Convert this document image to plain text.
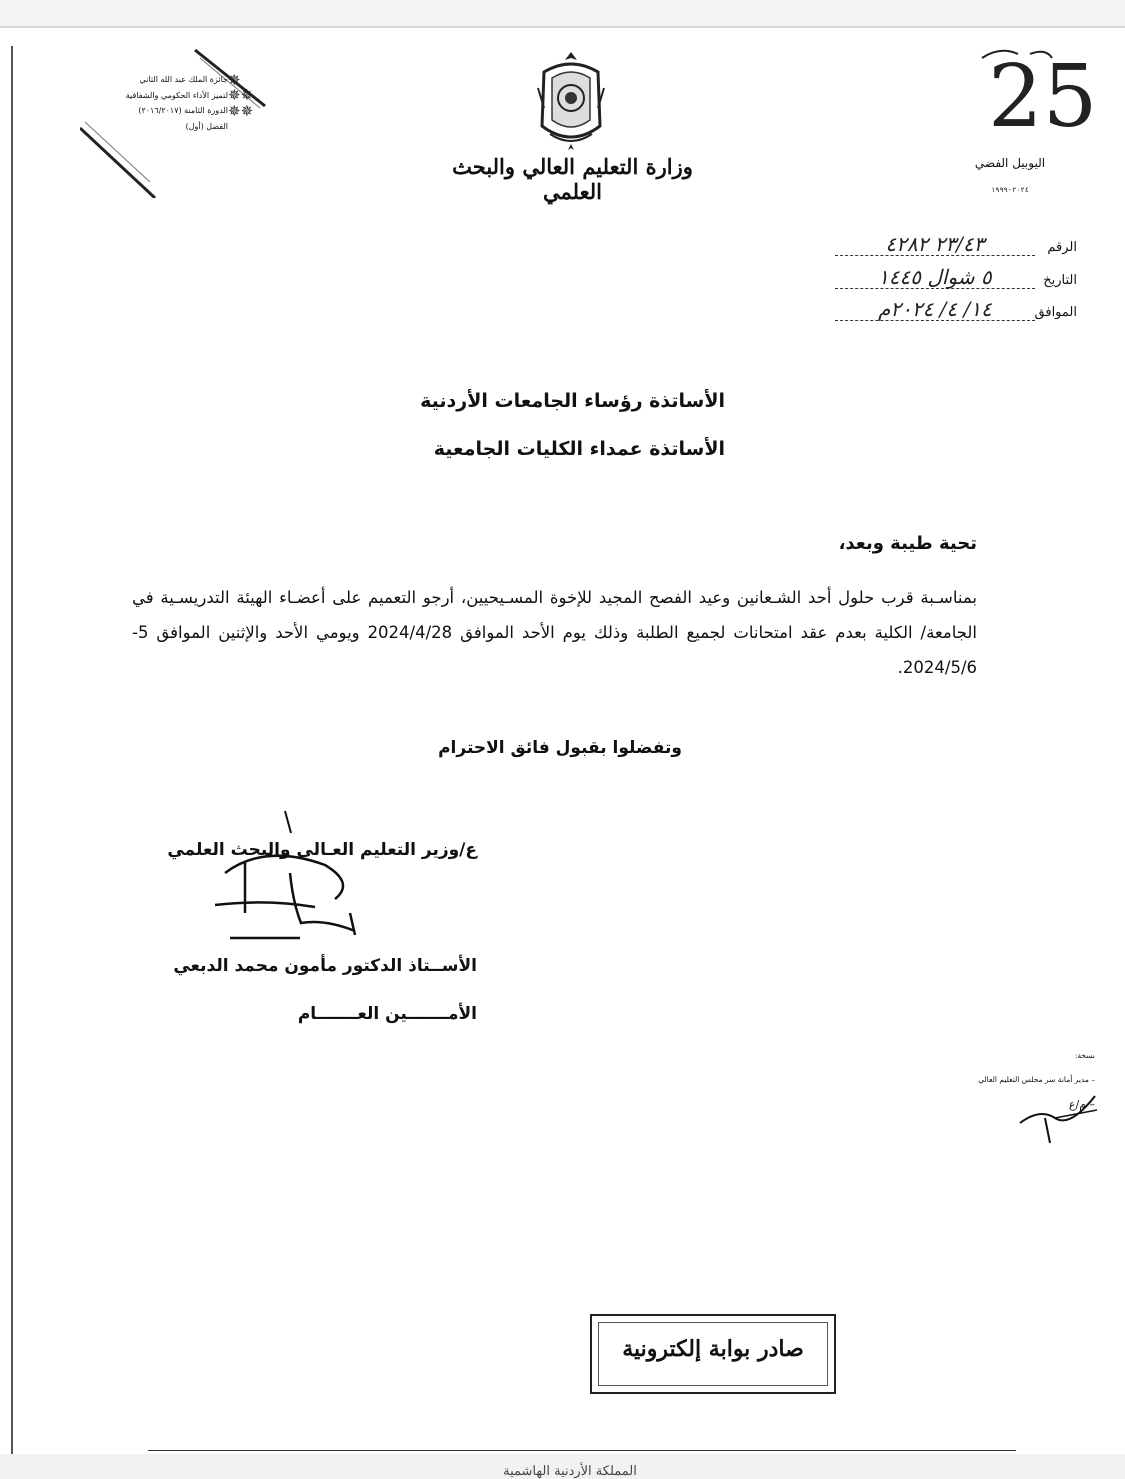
✵جائزة الملك عبد الله الثاني
✵✵لتميز الأداء الحكومي والشفافية
✵✵الدورة الثامنة (٢٠١٦/٢٠١٧)
الفضل (أول)
وزارة التعليم العالي والبحث العلمي
25
اليوبيل الفضي
٢٠٢٤-١٩٩٩
الرقم ٢٣/٤٣ ٤٢٨٢
التاريخ ٥ شوال ١٤٤٥
الموافق ١٤/ ٤/ ٢٠٢٤م
الأساتذة رؤساء الجامعات الأردنية
الأساتذة عمداء الكليات الجامعية
تحية طيبة وبعد،
بمناسـبة قرب حلول أحد الشـعانين وعيد الفصح المجيد للإخوة المسـيحيين، أرجو التعميم على أعضـاء الهيئة التدريسـية في الجامعة/ الكلية بعدم عقد امتحانات لجميع الطلبة وذلك يوم الأحد الموافق 2024/4/28 ويومي الأحد والإثنين الموافق 5-2024/5/6.
وتفضلوا بقبول فائق الاحترام
ع/وزير التعليم العـالي والبحث العلمي
الأســتاذ الدكتور مأمون محمد الدبعي
الأمـــــــين العـــــــام
نسخة:
– مدير أمانة سر مجلس التعليم العالي
– م/ع
صادر بوابة إلكترونية
المملكة الأردنية الهاشمية
